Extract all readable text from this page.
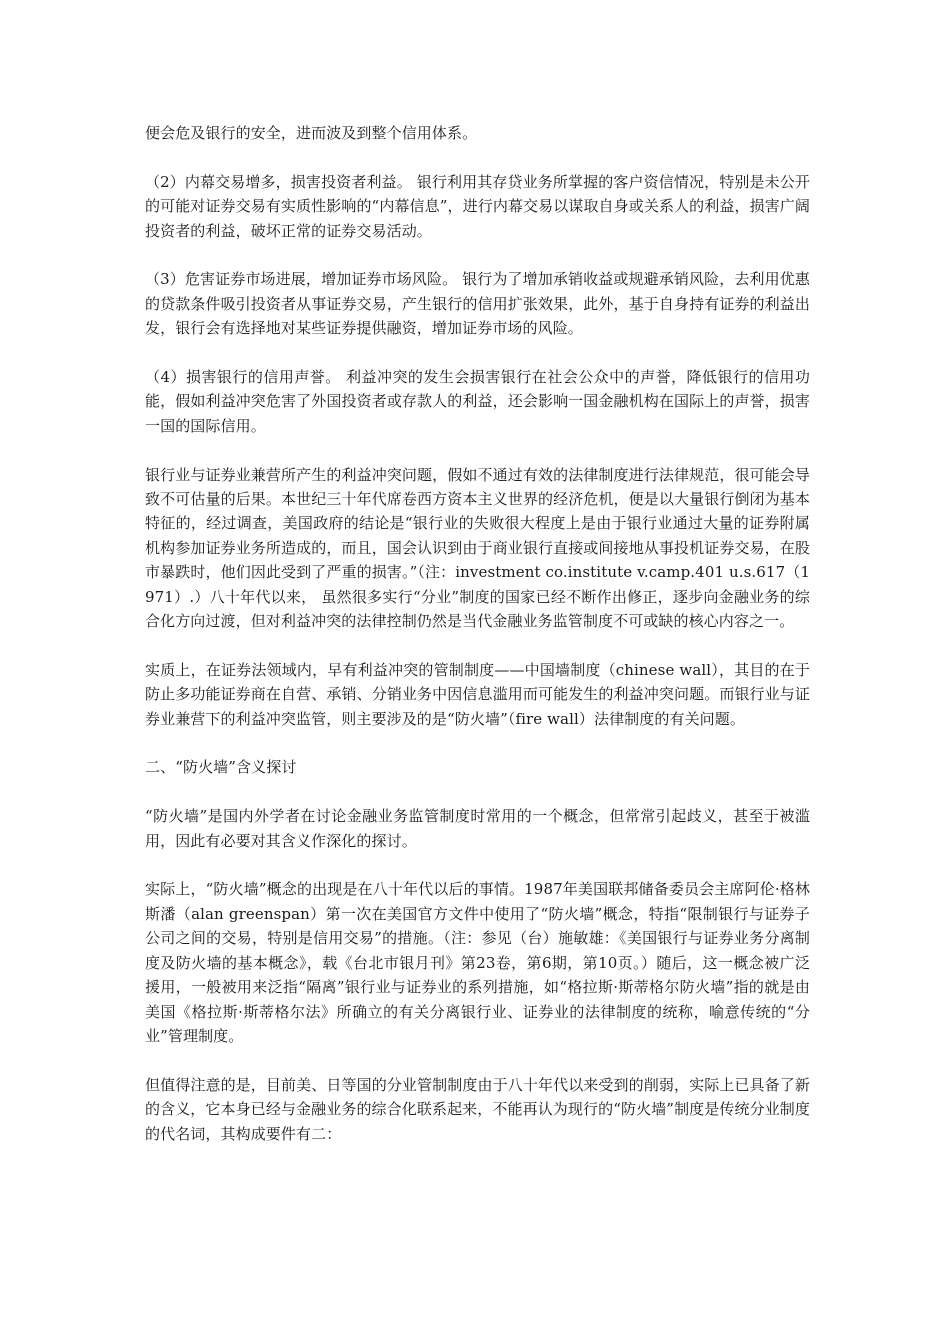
便会危及银行的安全，进而波及到整个信用体系。

（2）内幕交易增多，损害投资者利益。 银行利用其存贷业务所掌握的客户资信情况，特别是未公开的可能对证券交易有实质性影响的“内幕信息”，进行内幕交易以谋取自身或关系人的利益，损害广阔投资者的利益，破坏正常的证券交易活动。

（3）危害证券市场进展，增加证券市场风险。 银行为了增加承销收益或规避承销风险，去利用优惠的贷款条件吸引投资者从事证券交易，产生银行的信用扩张效果，此外，基于自身持有证券的利益出发，银行会有选择地对某些证券提供融资，增加证券市场的风险。

（4）损害银行的信用声誉。 利益冲突的发生会损害银行在社会公众中的声誉，降低银行的信用功能，假如利益冲突危害了外国投资者或存款人的利益，还会影响一国金融机构在国际上的声誉，损害一国的国际信用。

银行业与证券业兼营所产生的利益冲突问题，假如不通过有效的法律制度进行法律规范，很可能会导致不可估量的后果。本世纪三十年代席卷西方资本主义世界的经济危机，便是以大量银行倒闭为基本特征的，经过调查，美国政府的结论是“银行业的失败很大程度上是由于银行业通过大量的证券附属机构参加证券业务所造成的，而且，国会认识到由于商业银行直接或间接地从事投机证券交易，在股市暴跌时，他们因此受到了严重的损害。”（注：investment co.institute v.camp.401 u.s.617（1971）.）八十年代以来， 虽然很多实行“分业”制度的国家已经不断作出修正，逐步向金融业务的综合化方向过渡，但对利益冲突的法律控制仍然是当代金融业务监管制度不可或缺的核心内容之一。

实质上，在证券法领域内，早有利益冲突的管制制度——中国墙制度（chinese wall），其目的在于防止多功能证券商在自营、承销、分销业务中因信息滥用而可能发生的利益冲突问题。而银行业与证券业兼营下的利益冲突监管，则主要涉及的是“防火墙”（fire wall）法律制度的有关问题。

二、“防火墙”含义探讨

“防火墙”是国内外学者在讨论金融业务监管制度时常用的一个概念，但常常引起歧义，甚至于被滥用，因此有必要对其含义作深化的探讨。

实际上，“防火墙”概念的出现是在八十年代以后的事情。1987年美国联邦储备委员会主席阿伦·格林斯潘（alan greenspan）第一次在美国官方文件中使用了“防火墙”概念，特指“限制银行与证券子公司之间的交易，特别是信用交易”的措施。（注：参见（台）施敏雄：《美国银行与证券业务分离制度及防火墙的基本概念》，载《台北市银月刊》第23卷，第6期，第10页。）随后，这一概念被广泛援用，一般被用来泛指“隔离”银行业与证券业的系列措施，如“格拉斯·斯蒂格尔防火墙”指的就是由美国《格拉斯·斯蒂格尔法》所确立的有关分离银行业、证券业的法律制度的统称，喻意传统的“分业”管理制度。

但值得注意的是，目前美、日等国的分业管制制度由于八十年代以来受到的削弱，实际上已具备了新的含义，它本身已经与金融业务的综合化联系起来，不能再认为现行的“防火墙”制度是传统分业制度的代名词，其构成要件有二：
